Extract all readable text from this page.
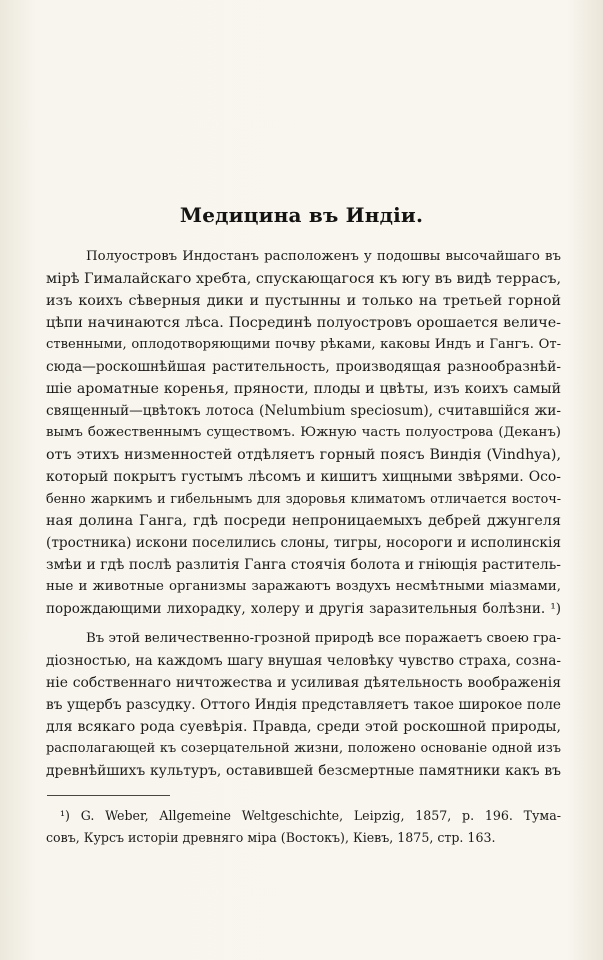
Медицина въ Индіи.
Полуостровъ Индостанъ расположенъ у подошвы высочайшаго въ
мірѣ Гималайскаго хребта, спускающагося къ югу въ видѣ террасъ,
изъ коихъ сѣверныя дики и пустынны и только на третьей горной
цѣпи начинаются лѣса. Посрединѣ полуостровъ орошается величе-
ственными, оплодотворяющими почву рѣками, каковы Индъ и Гангъ. От-
сюда—роскошнѣйшая растительность, производящая разнообразнѣй-
шіе ароматные коренья, пряности, плоды и цвѣты, изъ коихъ самый
священный—цвѣтокъ лотоса (Nelumbium speciosum), считавшійся жи-
вымъ божественнымъ существомъ. Южную часть полуострова (Деканъ)
отъ этихъ низменностей отдѣляетъ горный поясъ Виндія (Vindhya),
который покрытъ густымъ лѣсомъ и кишитъ хищными звѣрями. Осо-
бенно жаркимъ и гибельнымъ для здоровья климатомъ отличается восточ-
ная долина Ганга, гдѣ посреди непроницаемыхъ дебрей джунгеля
(тростника) искони поселились слоны, тигры, носороги и исполинскія
змѣи и гдѣ послѣ разлитія Ганга стоячія болота и гніющія раститель-
ные и животные организмы заражаютъ воздухъ несмѣтными міазмами,
порождающими лихорадку, холеру и другія заразительныя болѣзни. ¹)
Въ этой величественно-грозной природѣ все поражаетъ своею гра-
діозностью, на каждомъ шагу внушая человѣку чувство страха, созна-
ніе собственнаго ничтожества и усиливая дѣятельность воображенія
въ ущербъ разсудку. Оттого Индія представляетъ такое широкое поле
для всякаго рода суевѣрія. Правда, среди этой роскошной природы,
располагающей къ созерцательной жизни, положено основаніе одной изъ
древнѣйшихъ культуръ, оставившей безсмертные памятники какъ въ
¹) G. Weber, Allgemeine Weltgeschichte, Leipzig, 1857, p. 196. Тума-
совъ, Курсъ исторіи древняго міра (Востокъ), Кіевъ, 1875, стр. 163.
